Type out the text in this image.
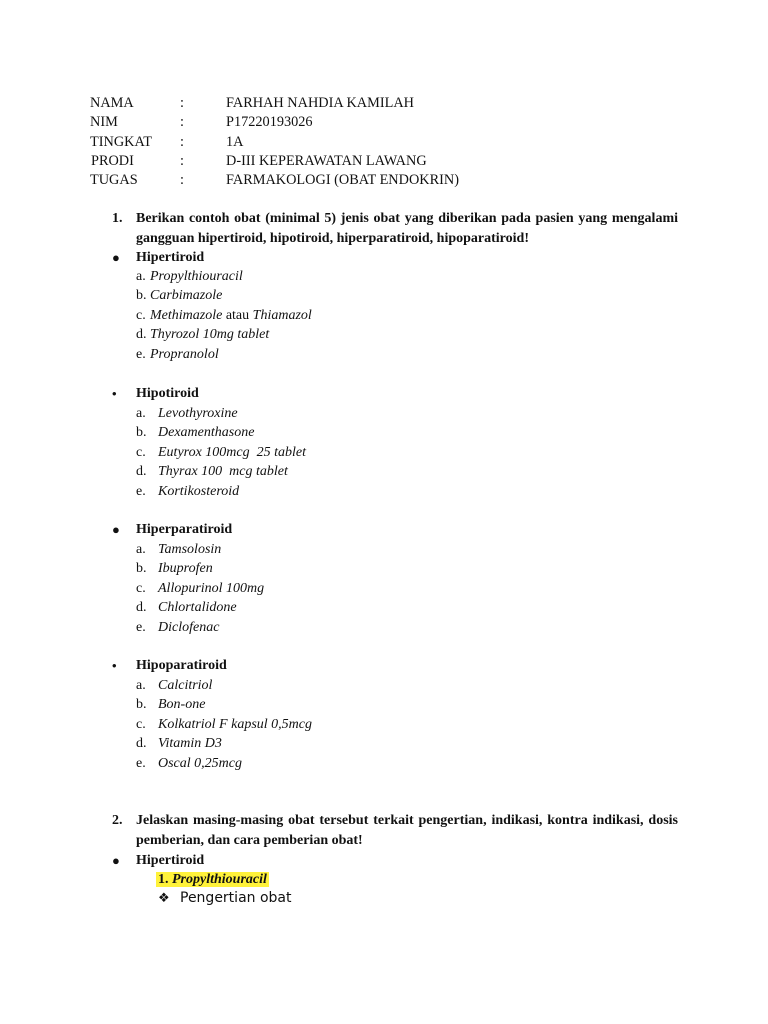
NAMA	:	FARHAH NAHDIA KAMILAH
NIM	:	P17220193026
TINGKAT :	1A
PRODI	:	D-III KEPERAWATAN LAWANG
TUGAS	:	FARMAKOLOGI (OBAT ENDOKRIN)
1. Berikan contoh obat (minimal 5) jenis obat yang diberikan pada pasien yang mengalami gangguan hipertiroid, hipotiroid, hiperparatiroid, hipoparatiroid!
● Hipertiroid
a. Propylthiouracil
b. Carbimazole
c. Methimazole atau Thiamazol
d. Thyrozol 10mg tablet
e. Propranolol
• Hipotiroid
a. Levothyroxine
b. Dexamenthasone
c. Eutyrox 100mcg  25 tablet
d. Thyrax 100  mcg tablet
e. Kortikosteroid
● Hiperparatiroid
a. Tamsolosin
b. Ibuprofen
c. Allopurinol 100mg
d. Chlortalidone
e. Diclofenac
• Hipoparatiroid
a. Calcitriol
b. Bon-one
c. Kolkatriol F kapsul 0,5mcg
d. Vitamin D3
e. Oscal 0,25mcg
2. Jelaskan masing-masing obat tersebut terkait pengertian, indikasi, kontra indikasi, dosis pemberian, dan cara pemberian obat!
● Hipertiroid
1. Propylthiouracil
❖ Pengertian obat
